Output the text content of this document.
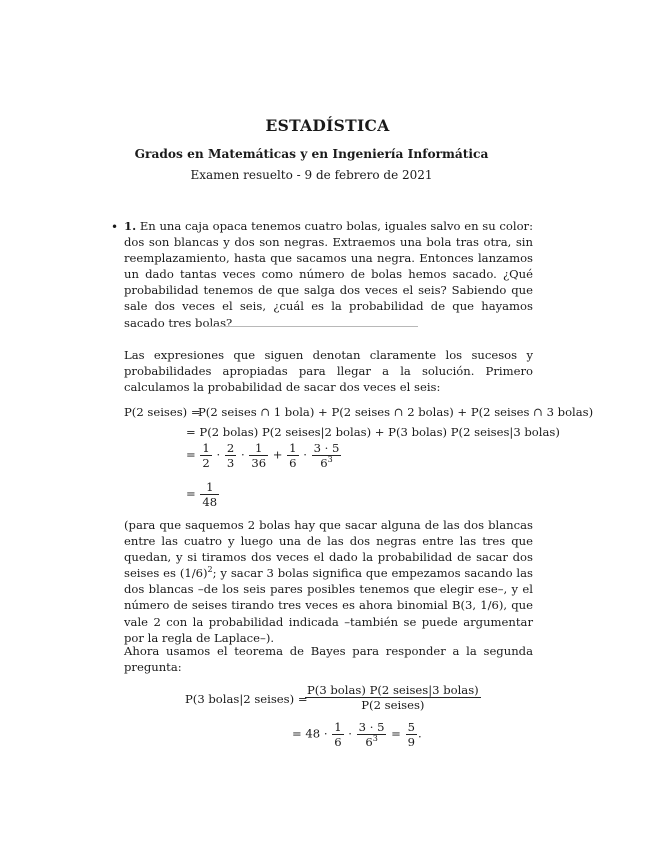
ESTADÍSTICA
Grados en Matemáticas y en Ingeniería Informática
Examen resuelto - 9 de febrero de 2021
• 1. En una caja opaca tenemos cuatro bolas, iguales salvo en su color: dos son blancas y dos son negras. Extraemos una bola tras otra, sin reemplazamiento, hasta que sacamos una negra. Entonces lanzamos un dado tantas veces como número de bolas hemos sacado. ¿Qué probabilidad tenemos de que salga dos veces el seis? Sabiendo que sale dos veces el seis, ¿cuál es la probabilidad de que hayamos sacado tres bolas?
Las expresiones que siguen denotan claramente los sucesos y probabilidades apropiadas para llegar a la solución. Primero calculamos la probabilidad de sacar dos veces el seis:
P(2 seises) =
P(2 seises ∩ 1 bola) + P(2 seises ∩ 2 bolas) + P(2 seises ∩ 3 bolas)
= P(2 bolas) P(2 seises|2 bolas) + P(3 bolas) P(2 seises|3 bolas)
= $\frac{1}{2} \cdot \frac{2}{3} \cdot \frac{1}{36} + \frac{1}{6} \cdot \frac{3 \cdot 5}{6^3}$
= $\frac{1}{48}$
(para que saquemos 2 bolas hay que sacar alguna de las dos blancas entre las cuatro y luego una de las dos negras entre las tres que quedan, y si tiramos dos veces el dado la probabilidad de sacar dos seises es $(1/6)^2$; y sacar 3 bolas significa que empezamos sacando las dos blancas –de los seis pares posibles tenemos que elegir ese–, y el número de seises tirando tres veces es ahora binomial B(3, 1/6), que vale 2 con la probabilidad indicada –también se puede argumentar por la regla de Laplace–).
Ahora usamos el teorema de Bayes para responder a la segunda pregunta:
P(3 bolas|2 seises) =
$\frac{\text{P(3 bolas) P(2 seises|3 bolas)}}{\text{P(2 seises)}}$
= $48 \cdot \frac{1}{6} \cdot \frac{3 \cdot 5}{6^3} = \frac{5}{9}$ .
